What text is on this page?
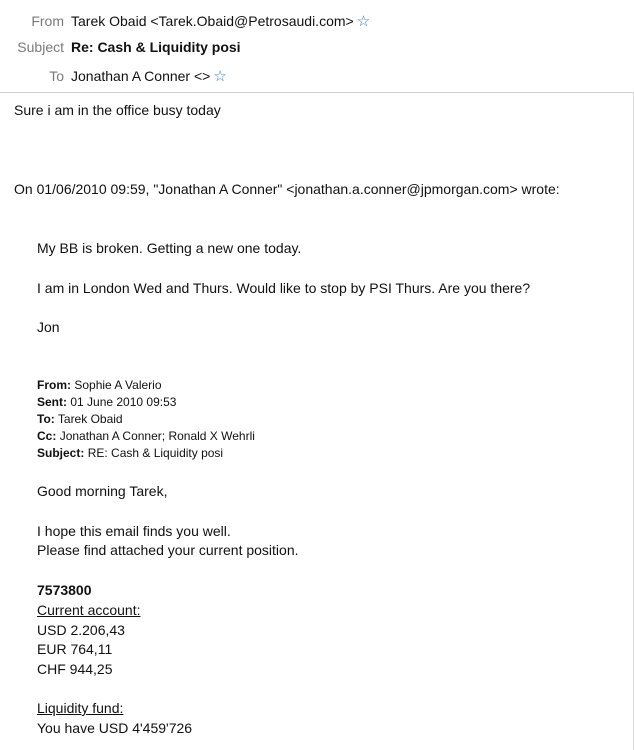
From Tarek Obaid <Tarek.Obaid@Petrosaudi.com> ☆
Subject Re: Cash & Liquidity posi
To Jonathan A Conner <> ☆
Sure i am in the office busy today
On 01/06/2010 09:59, "Jonathan A Conner" <jonathan.a.conner@jpmorgan.com> wrote:
My BB is broken. Getting a new one today.
I am in London Wed and Thurs. Would like to stop by PSI Thurs. Are you there?
Jon
From: Sophie A Valerio
Sent: 01 June 2010 09:53
To: Tarek Obaid
Cc: Jonathan A Conner; Ronald X Wehrli
Subject: RE: Cash & Liquidity posi
Good morning Tarek,
I hope this email finds you well.
Please find attached your current position.
7573800
Current account:
USD 2.206,43
EUR 764,11
CHF 944,25
Liquidity fund:
You have USD 4'459'726
